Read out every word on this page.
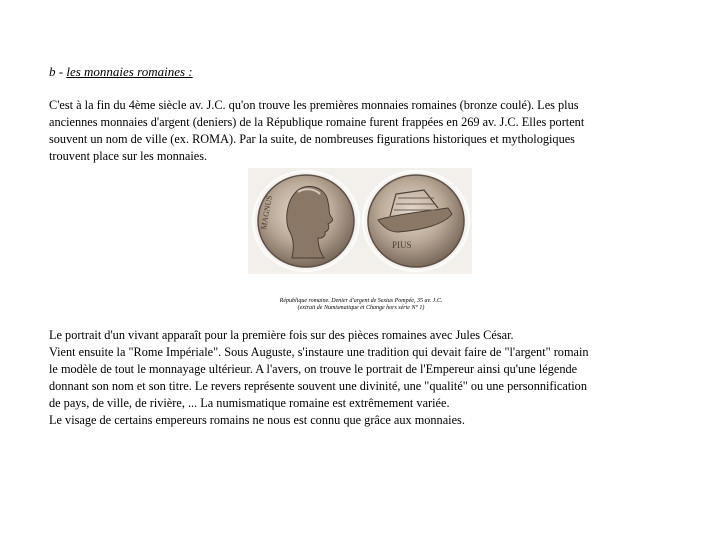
b - les monnaies romaines :

C'est à la fin du 4ème siècle av. J.C. qu'on trouve les premières monnaies romaines (bronze coulé). Les plus
anciennes monnaies d'argent (deniers) de la République romaine furent frappées en 269 av. J.C. Elles portent
souvent un nom de ville (ex. ROMA). Par la suite, de nombreuses figurations historiques et mythologiques
trouvent place sur les monnaies.

MAGNUS
PIUS
République romaine. Denier d'argent de Sextus Pompée, 35 av. J.C.
(extrait de Numismatique et Change hors série N° 1)

Le portrait d'un vivant apparaît pour la première fois sur des pièces romaines avec Jules César.
Vient ensuite la "Rome Impériale". Sous Auguste, s'instaure une tradition qui devait faire de "l'argent" romain
le modèle de tout le monnayage ultérieur. A l'avers, on trouve le portrait de l'Empereur ainsi qu'une légende
donnant son nom et son titre. Le revers représente souvent une divinité, une "qualité" ou une personnification
de pays, de ville, de rivière, ... La numismatique romaine est extrêmement variée.
Le visage de certains empereurs romains ne nous est connu que grâce aux monnaies.
